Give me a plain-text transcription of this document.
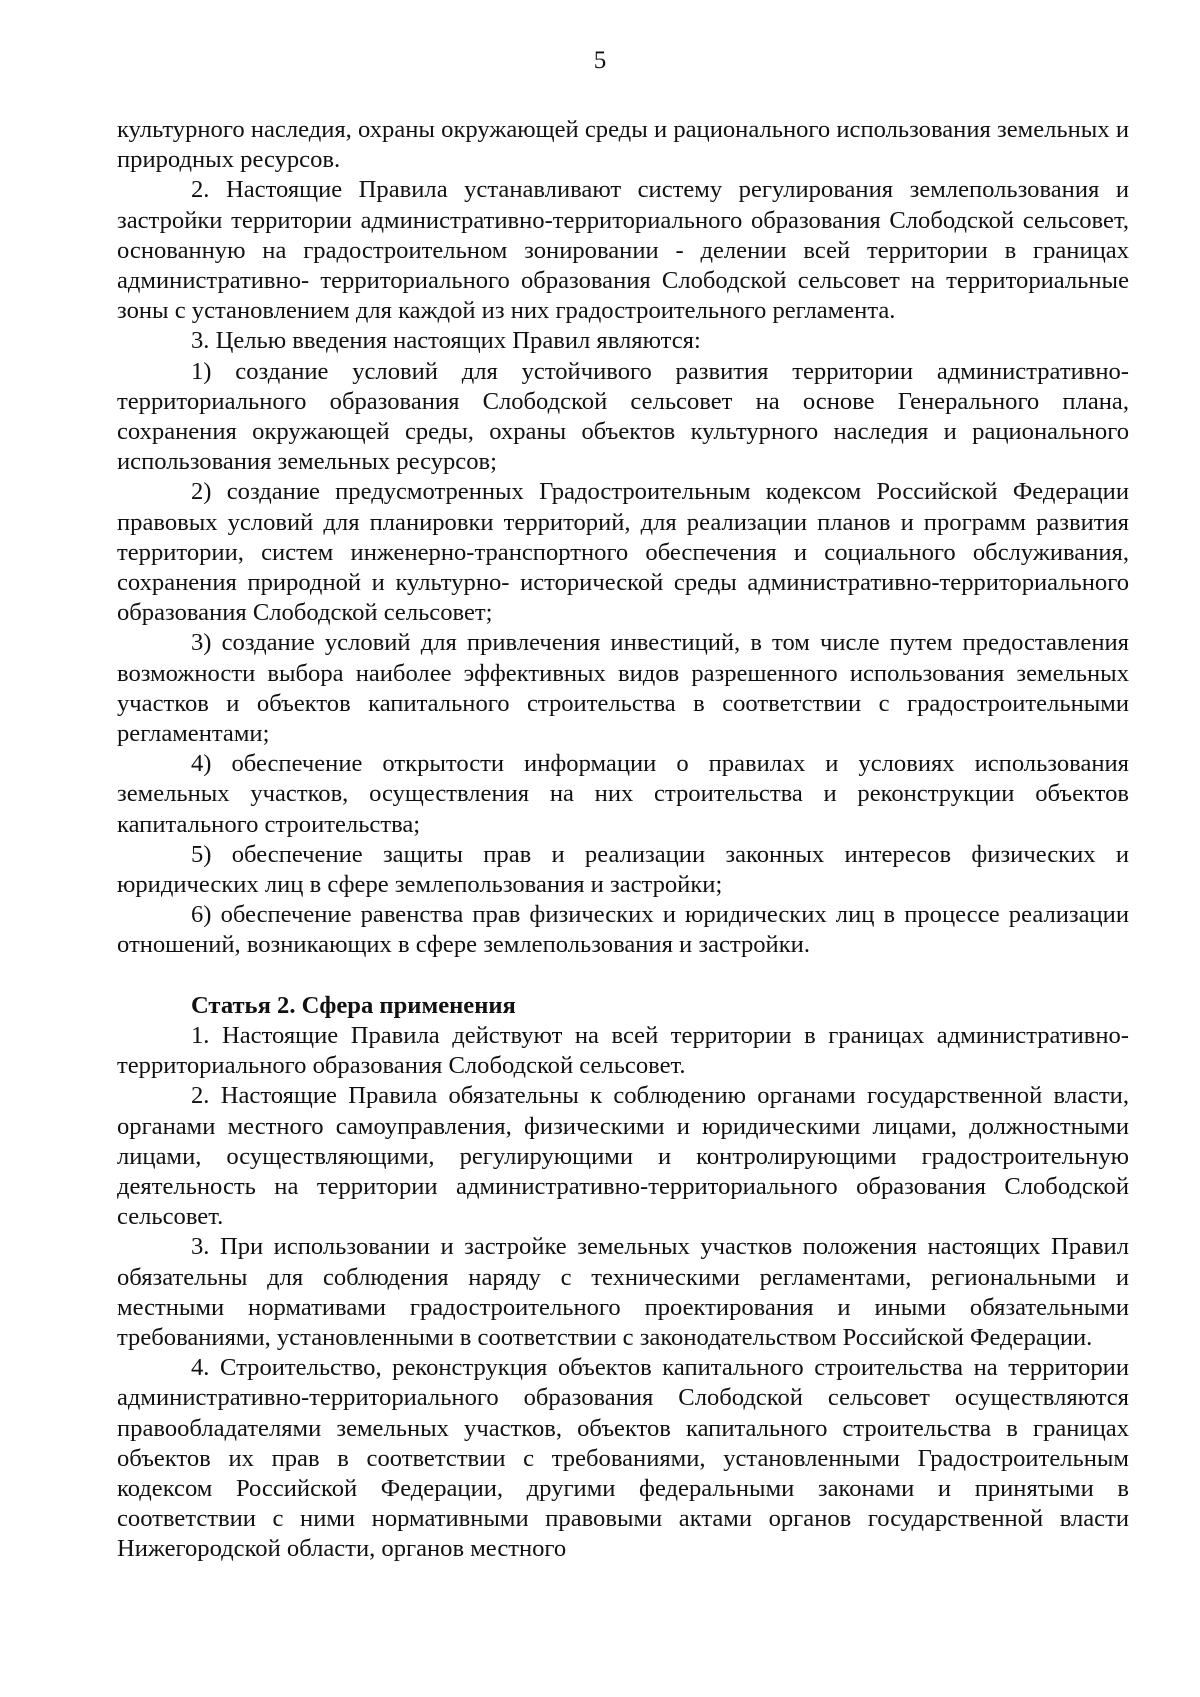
5

культурного наследия, охраны окружающей среды и рационального использования земельных и природных ресурсов.

2. Настоящие Правила устанавливают систему регулирования землепользования и застройки территории административно-территориального образования Слободской сельсовет, основанную на градостроительном зонировании - делении всей территории в границах административно- территориального образования Слободской сельсовет на территориальные зоны с установлением для каждой из них градостроительного регламента.

3. Целью введения настоящих Правил являются:

1) создание условий для устойчивого развития территории административно-территориального образования Слободской сельсовет на основе Генерального плана, сохранения окружающей среды, охраны объектов культурного наследия и рационального использования земельных ресурсов;

2) создание предусмотренных Градостроительным кодексом Российской Федерации правовых условий для планировки территорий, для реализации планов и программ развития территории, систем инженерно-транспортного обеспечения и социального обслуживания, сохранения природной и культурно- исторической среды административно-территориального образования Слободской сельсовет;

3) создание условий для привлечения инвестиций, в том числе путем предоставления возможности выбора наиболее эффективных видов разрешенного использования земельных участков и объектов капитального строительства в соответствии с градостроительными регламентами;

4) обеспечение открытости информации о правилах и условиях использования земельных участков, осуществления на них строительства и реконструкции объектов капитального строительства;

5) обеспечение защиты прав и реализации законных интересов физических и юридических лиц в сфере землепользования и застройки;

6) обеспечение равенства прав физических и юридических лиц в процессе реализации отношений, возникающих в сфере землепользования и застройки.

Статья 2. Сфера применения

1. Настоящие Правила действуют на всей территории в границах административно-территориального образования Слободской сельсовет.

2. Настоящие Правила обязательны к соблюдению органами государственной власти, органами местного самоуправления, физическими и юридическими лицами, должностными лицами, осуществляющими, регулирующими и контролирующими градостроительную деятельность на территории административно-территориального образования Слободской сельсовет.

3. При использовании и застройке земельных участков положения настоящих Правил обязательны для соблюдения наряду с техническими регламентами, региональными и местными нормативами градостроительного проектирования и иными обязательными требованиями, установленными в соответствии с законодательством Российской Федерации.

4. Строительство, реконструкция объектов капитального строительства на территории административно-территориального образования Слободской сельсовет осуществляются правообладателями земельных участков, объектов капитального строительства в границах объектов их прав в соответствии с требованиями, установленными Градостроительным кодексом Российской Федерации, другими федеральными законами и принятыми в соответствии с ними нормативными правовыми актами органов государственной власти Нижегородской области, органов местного
